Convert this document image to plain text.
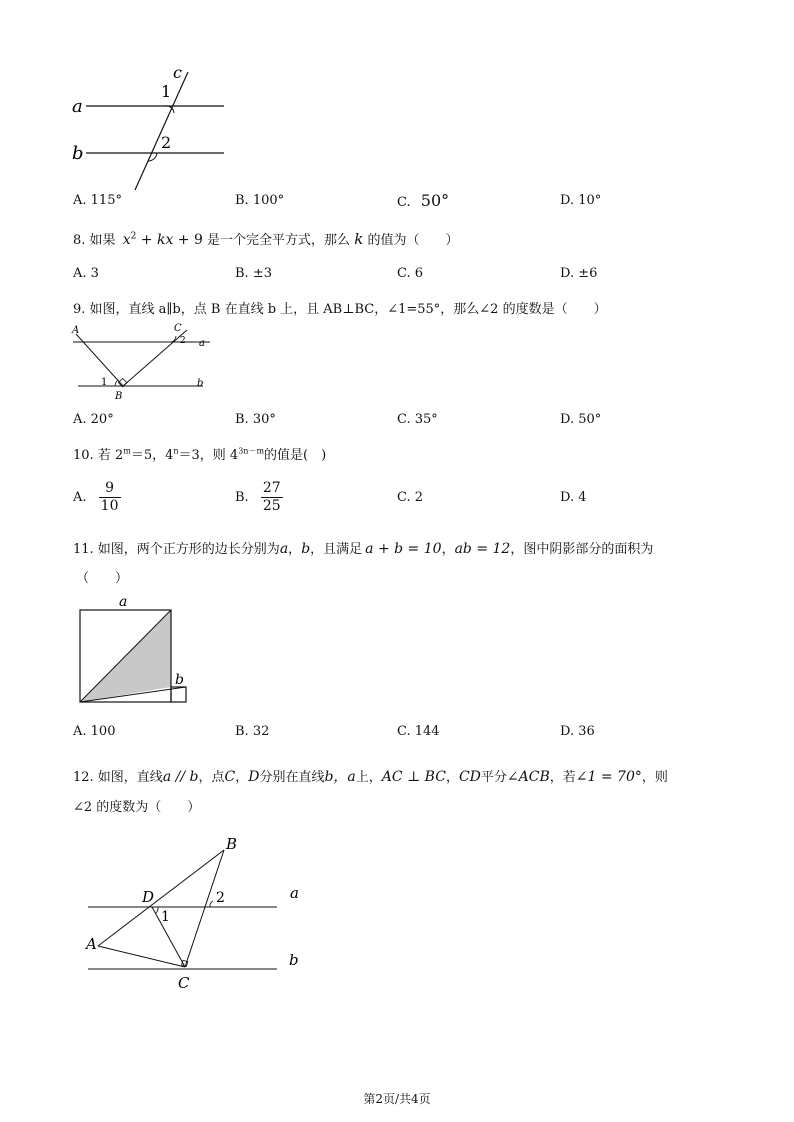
c
a
b
1
2
A. 115°	B. 100°	C. 50°	D. 10°
8. 如果 $x^2$ + kx + 9 是一个完全平方式，那么 k 的值为（　　）
A. 3	B. ±3	C. 6	D. ±6
9. 如图，直线 a∥b，点 B 在直线 b 上，且 AB⊥BC，∠1=55°，那么∠2 的度数是（　　）
A	C
2 a
1
B
b
A. 20°	B. 30°	C. 35°	D. 50°
10. 若 $2^m=5$，$4^n=3$，则 $4^{3n-m}$的值是(　)
A. $\frac{9}{10}$	B. $\frac{27}{25}$	C. 2	D. 4
11. 如图，两个正方形的边长分别为a，b，且满足 a + b = 10，ab = 12，图中阴影部分的面积为
（　　）
a
b
A. 100	B. 32	C. 144	D. 36
12. 如图，直线a // b，点C，D分别在直线b，a上，AC ⊥ BC，CD平分∠ACB，若∠1 = 70°，则
∠2 的度数为（　　）
B
D	2	a
1
A
b
C
第2页/共4页
